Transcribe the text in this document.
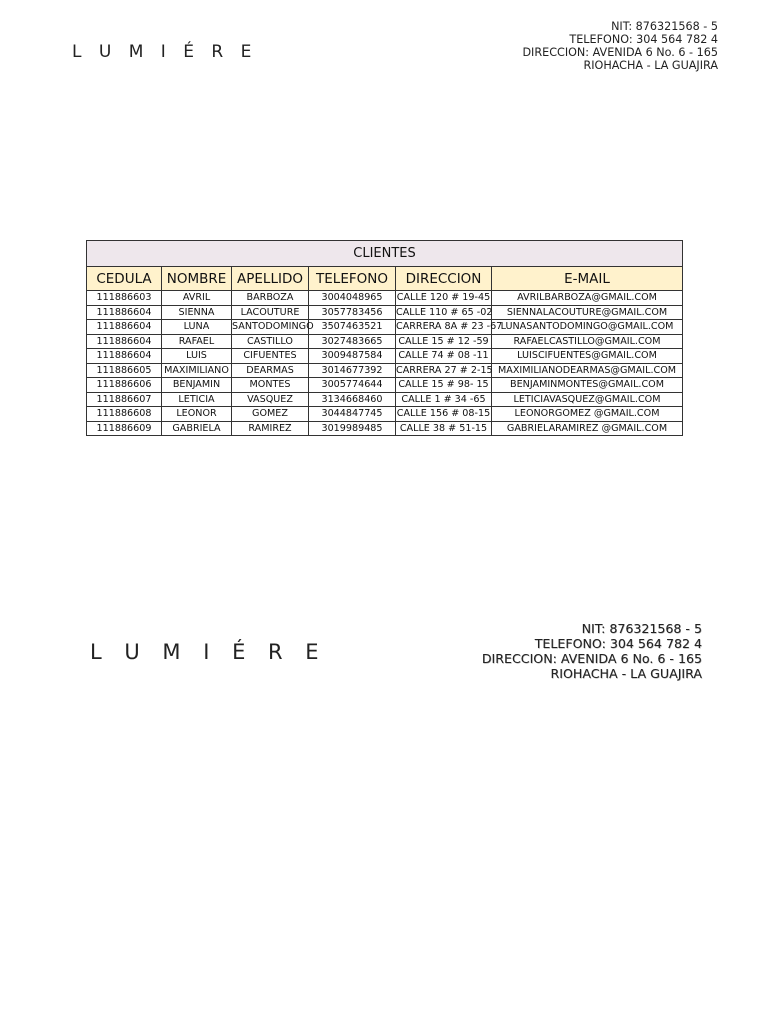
L U M I É R E
NIT: 876321568 - 5
TELEFONO: 304 564 782 4
DIRECCION: AVENIDA 6 No. 6 - 165
RIOHACHA - LA GUAJIRA
CLIENTES					
CEDULA	NOMBRE	APELLIDO	TELEFONO	DIRECCION	E-MAIL
111886603	AVRIL	BARBOZA	3004048965	CALLE 120 # 19-45	AVRILBARBOZA@GMAIL.COM
111886604	SIENNA	LACOUTURE	3057783456	CALLE 110 # 65 -02	SIENNALACOUTURE@GMAIL.COM
111886604	LUNA	SANTODOMINGO	3507463521	CARRERA 8A # 23 -67	LUNASANTODOMINGO@GMAIL.COM
111886604	RAFAEL	CASTILLO	3027483665	CALLE 15 # 12 -59	RAFAELCASTILLO@GMAIL.COM
111886604	LUIS	CIFUENTES	3009487584	CALLE 74 # 08 -11	LUISCIFUENTES@GMAIL.COM
111886605	MAXIMILIANO	DEARMAS	3014677392	CARRERA 27 # 2-15	MAXIMILIANODEARMAS@GMAIL.COM
111886606	BENJAMIN	MONTES	3005774644	CALLE 15 # 98- 15	BENJAMINMONTES@GMAIL.COM
111886607	LETICIA	VASQUEZ	3134668460	CALLE 1 # 34 -65	LETICIAVASQUEZ@GMAIL.COM
111886608	LEONOR	GOMEZ	3044847745	CALLE 156 # 08-15	LEONORGOMEZ @GMAIL.COM
111886609	GABRIELA	RAMIREZ	3019989485	CALLE 38 # 51-15	GABRIELARAMIREZ @GMAIL.COM
L U M I É R E
NIT: 876321568 - 5
TELEFONO: 304 564 782 4
DIRECCION: AVENIDA 6 No. 6 - 165
RIOHACHA - LA GUAJIRA
